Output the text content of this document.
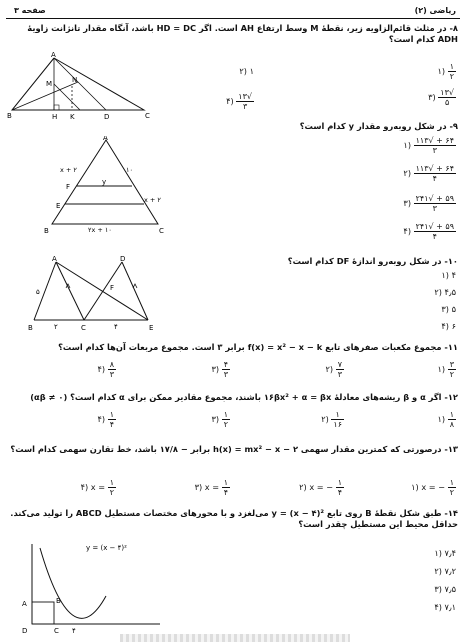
ریاضی (۲)
صفحه ۳
۸- در مثلث قائم‌الزاویه زیر، نقطهٔ M وسط ارتفاع AH است. اگر HD = DC باشد، آنگاه مقدار تانژانت زاویهٔ ADH کدام است؟
A
B	C
D
H K
M	N
۱ (۲
$\frac{√۱۳}{۳}$
(۴
$\frac{۱}{۲}$
(۱
$\frac{√۱۳}{۵}$
(۳
۹- در شکل روبه‌رو مقدار y کدام است؟
A
B	C
E
F
y
x + ۲	۱۰
x + ۲
۲x + ۱۰
$\frac{۶۴ + √۱۱۳}{۳}$
(۱
$\frac{۶۴ + √۱۱۳}{۴}$
(۲
$\frac{۵۹ + √۲۴۱}{۳}$
(۳
$\frac{۵۹ + √۲۴۱}{۴}$
(۴
۱۰- در شکل روبه‌رو اندازهٔ DF کدام است؟
A
B	C
D
E
F
۵
۲	۴
۴ (۱
۴٫۵ (۲
۵ (۳
۶ (۴
۱۱- مجموع مکعبات صفرهای تابع f(x) = x² − x − k برابر ۳ است. مجموع مربعات آن‌ها کدام است؟
$\frac{۳}{۲}$
(۱
$\frac{۷}{۳}$
(۲
$\frac{۴}{۳}$
(۳
$\frac{۸}{۳}$
(۴
۱۲- اگر α و β ریشه‌های معادلهٔ ۱۶βx² + α = βx باشند، مجموع مقادیر ممکن برای α کدام است؟ (αβ ≠ ۰)
$\frac{۱}{۸}$
(۱
$\frac{۱}{۱۶}$
(۲
$\frac{۱}{۲}$
(۳
$\frac{۱}{۴}$
(۴
۱۳- درصورتی که کمترین مقدار سهمی h(x) = mx² − x − ۲ برابر − ۱۷/۸ باشد، خط تقارن سهمی کدام است؟
x = − $\frac{۱}{۲}$
(۱
x = − $\frac{۱}{۴}$
(۲
$x = \frac{۱}{۴}$
(۳
$x = \frac{۱}{۲}$
(۴
۱۴- طبق شکل نقطهٔ B روی تابع y = (x − ۴)² می‌لغزد و با محورهای مختصات مستطیل ABCD را تولید می‌کند. حداقل محیط این مستطیل چقدر است؟
y = (x − ۴)²
A	B
C
D	۴
۷٫۴ (۱
۷٫۲ (۲
۷٫۵ (۳
۷٫۱ (۴
